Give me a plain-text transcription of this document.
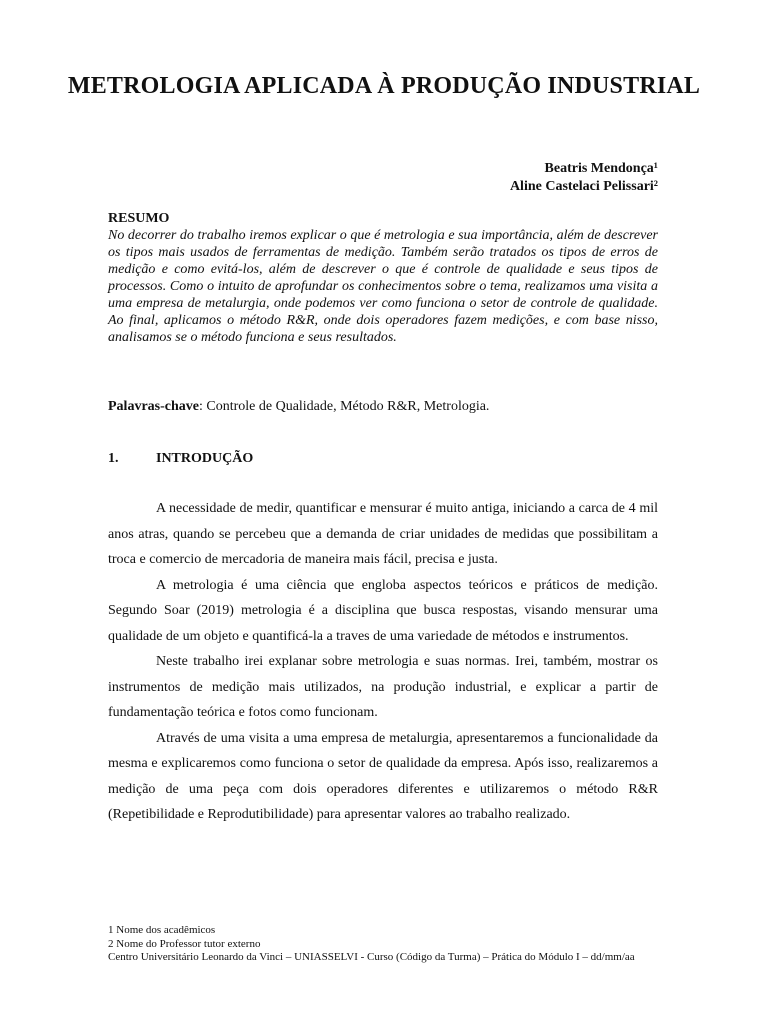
METROLOGIA APLICADA À PRODUÇÃO INDUSTRIAL
Beatris Mendonça¹
Aline Castelaci Pelissari²
RESUMO
No decorrer do trabalho iremos explicar o que é metrologia e sua importância, além de descrever os tipos mais usados de ferramentas de medição. Também serão tratados os tipos de erros de medição e como evitá-los, além de descrever o que é controle de qualidade e seus tipos de processos. Como o intuito de aprofundar os conhecimentos sobre o tema, realizamos uma visita a uma empresa de metalurgia, onde podemos ver como funciona o setor de controle de qualidade. Ao final, aplicamos o método R&R, onde dois operadores fazem medições, e com base nisso, analisamos se o método funciona e seus resultados.
Palavras-chave: Controle de Qualidade, Método R&R, Metrologia.
1.	INTRODUÇÃO

A necessidade de medir, quantificar e mensurar é muito antiga, iniciando a carca de 4 mil anos atras, quando se percebeu que a demanda de criar unidades de medidas que possibilitam a troca e comercio de mercadoria de maneira mais fácil, precisa e justa.

A metrologia é uma ciência que engloba aspectos teóricos e práticos de medição. Segundo Soar (2019) metrologia é a disciplina que busca respostas, visando mensurar uma qualidade de um objeto e quantificá-la a traves de uma variedade de métodos e instrumentos.

Neste trabalho irei explanar sobre metrologia e suas normas. Irei, também, mostrar os instrumentos de medição mais utilizados, na produção industrial, e explicar a partir de fundamentação teórica e fotos como funcionam.

Através de uma visita a uma empresa de metalurgia, apresentaremos a funcionalidade da mesma e explicaremos como funciona o setor de qualidade da empresa. Após isso, realizaremos a medição de uma peça com dois operadores diferentes e utilizaremos o método R&R (Repetibilidade e Reprodutibilidade) para apresentar valores ao trabalho realizado.

1 Nome dos acadêmicos
2 Nome do Professor tutor externo
Centro Universitário Leonardo da Vinci – UNIASSELVI - Curso (Código da Turma) – Prática do Módulo I – dd/mm/aa
